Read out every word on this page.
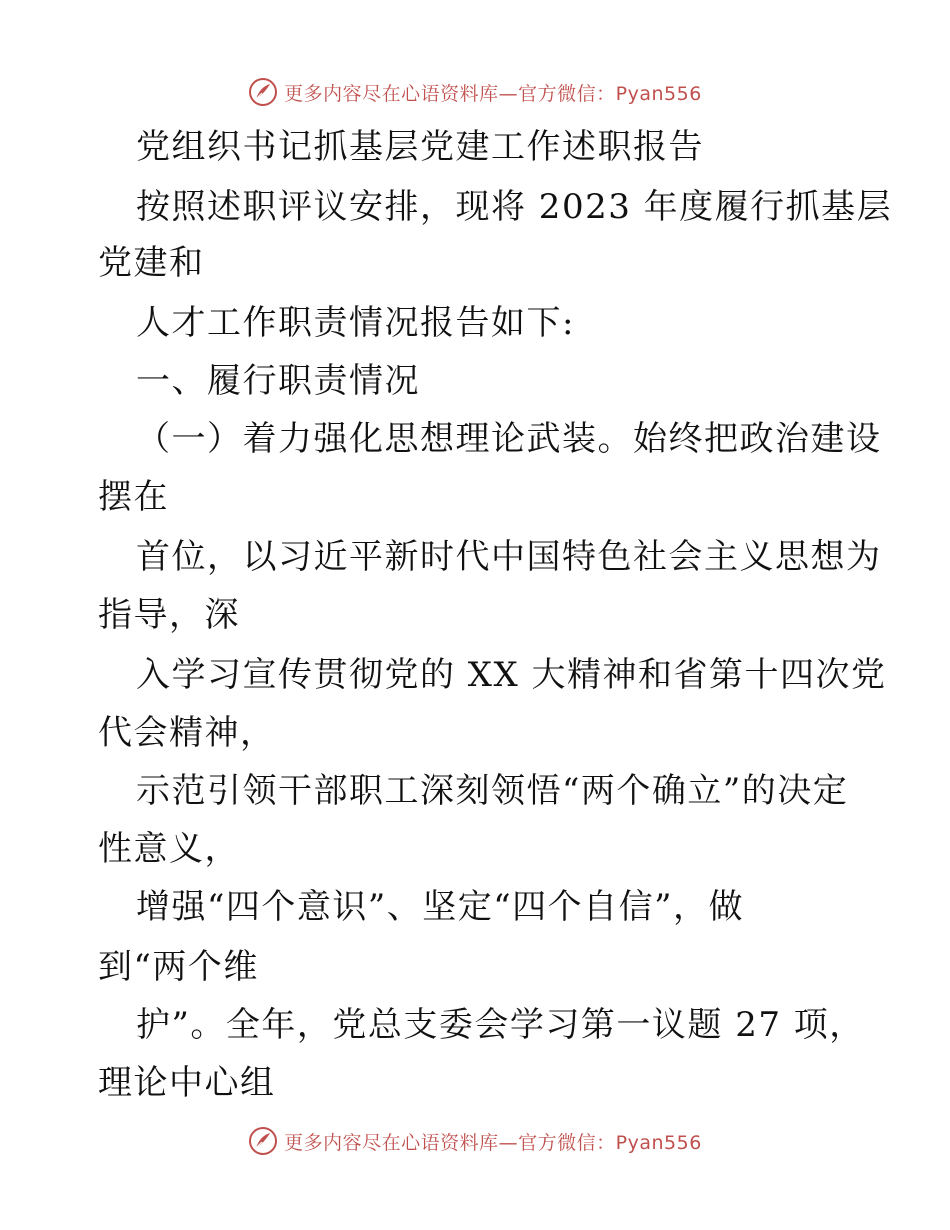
更多内容尽在心语资料库—官方微信：Pyan556
党组织书记抓基层党建工作述职报告
按照述职评议安排，现将 2023 年度履行抓基层
党建和
人才工作职责情况报告如下:
一、履行职责情况
（一）着力强化思想理论武装。始终把政治建设
摆在
首位，以习近平新时代中国特色社会主义思想为
指导，深
入学习宣传贯彻党的 XX 大精神和省第十四次党
代会精神，
示范引领干部职工深刻领悟“两个确立”的决定
性意义，
增强“四个意识”、坚定“四个自信”，做
到“两个维
护”。全年，党总支委会学习第一议题 27 项，
理论中心组
更多内容尽在心语资料库—官方微信：Pyan556
